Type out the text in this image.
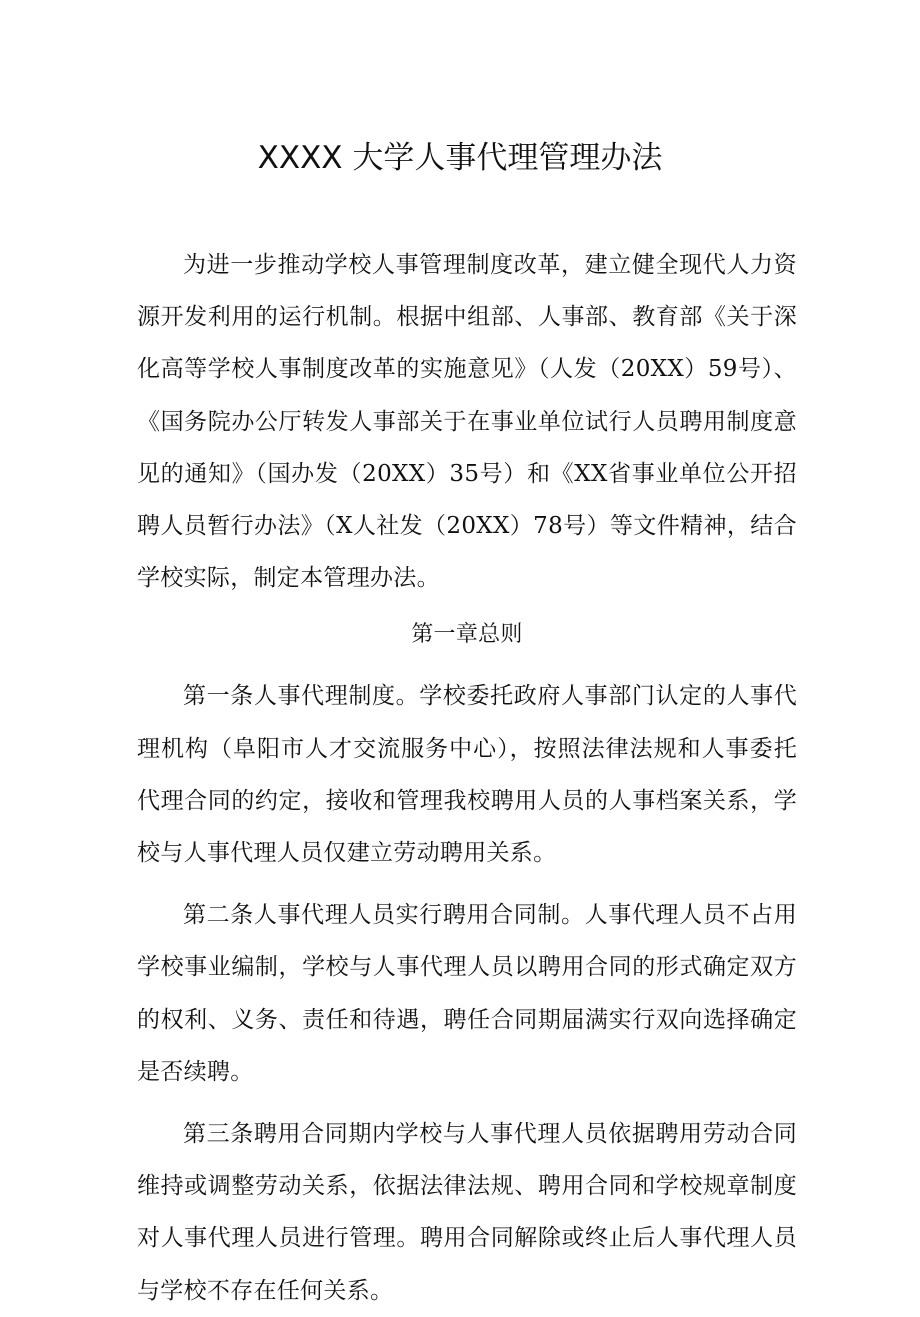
XXXX 大学人事代理管理办法

为进一步推动学校人事管理制度改革，建立健全现代人力资源开发利用的运行机制。根据中组部、人事部、教育部《关于深化高等学校人事制度改革的实施意见》（人发（20XX）59号）、《国务院办公厅转发人事部关于在事业单位试行人员聘用制度意见的通知》（国办发（20XX）35号）和《XX省事业单位公开招聘人员暂行办法》（X人社发（20XX）78号）等文件精神，结合学校实际，制定本管理办法。

第一章总则

第一条人事代理制度。学校委托政府人事部门认定的人事代理机构（阜阳市人才交流服务中心），按照法律法规和人事委托代理合同的约定，接收和管理我校聘用人员的人事档案关系，学校与人事代理人员仅建立劳动聘用关系。

第二条人事代理人员实行聘用合同制。人事代理人员不占用学校事业编制，学校与人事代理人员以聘用合同的形式确定双方的权利、义务、责任和待遇，聘任合同期届满实行双向选择确定是否续聘。

第三条聘用合同期内学校与人事代理人员依据聘用劳动合同维持或调整劳动关系，依据法律法规、聘用合同和学校规章制度对人事代理人员进行管理。聘用合同解除或终止后人事代理人员与学校不存在任何关系。
